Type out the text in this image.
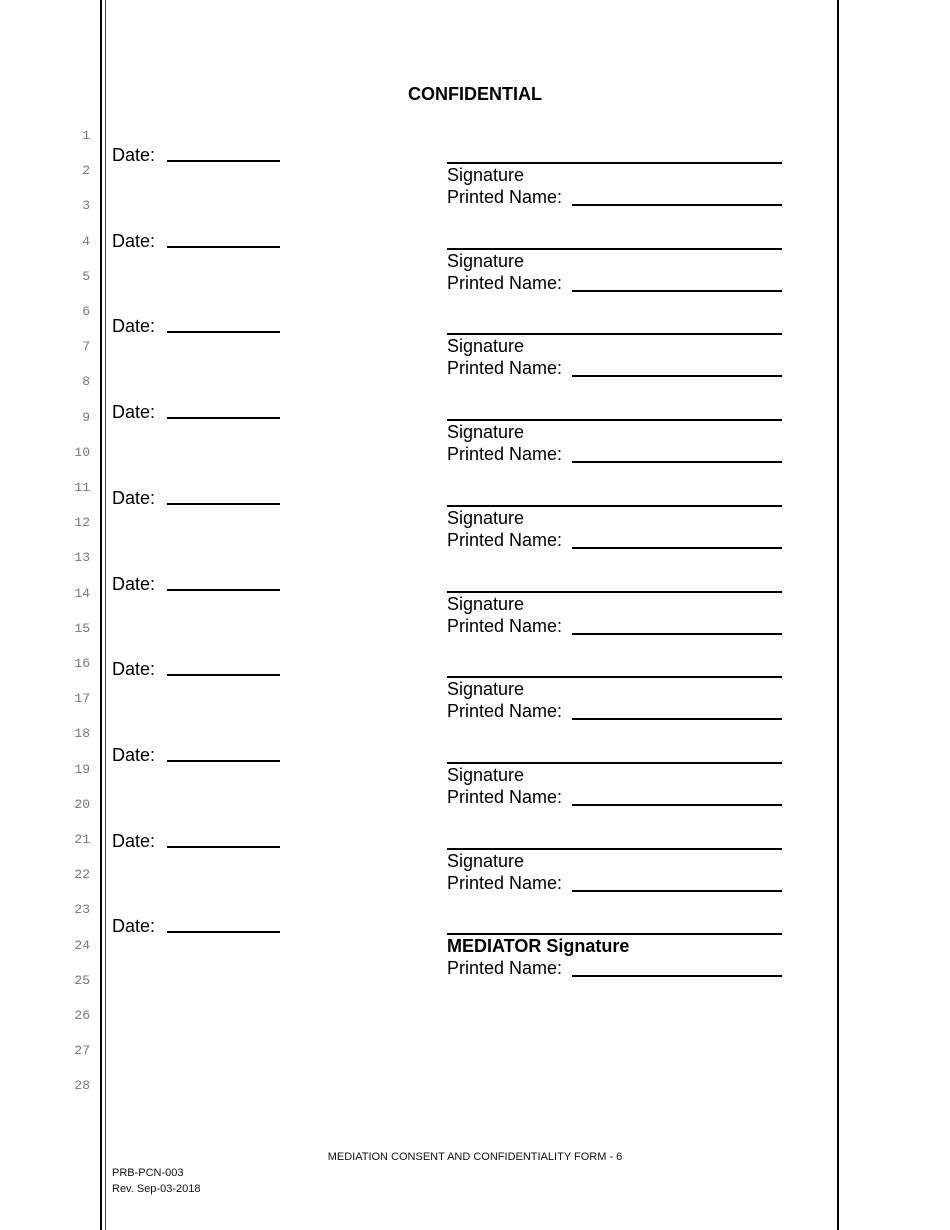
1
2
3
4
5
6
7
8
9
10
11
12
13
14
15
16
17
18
19
20
21
22
23
24
25
26
27
28
CONFIDENTIAL
Date:
Signature
Printed Name:
Date:
Signature
Printed Name:
Date:
Signature
Printed Name:
Date:
Signature
Printed Name:
Date:
Signature
Printed Name:
Date:
Signature
Printed Name:
Date:
Signature
Printed Name:
Date:
Signature
Printed Name:
Date:
Signature
Printed Name:
Date:
MEDIATOR Signature
Printed Name:
MEDIATION CONSENT AND CONFIDENTIALITY FORM - 6
PRB-PCN-003
Rev. Sep-03-2018
